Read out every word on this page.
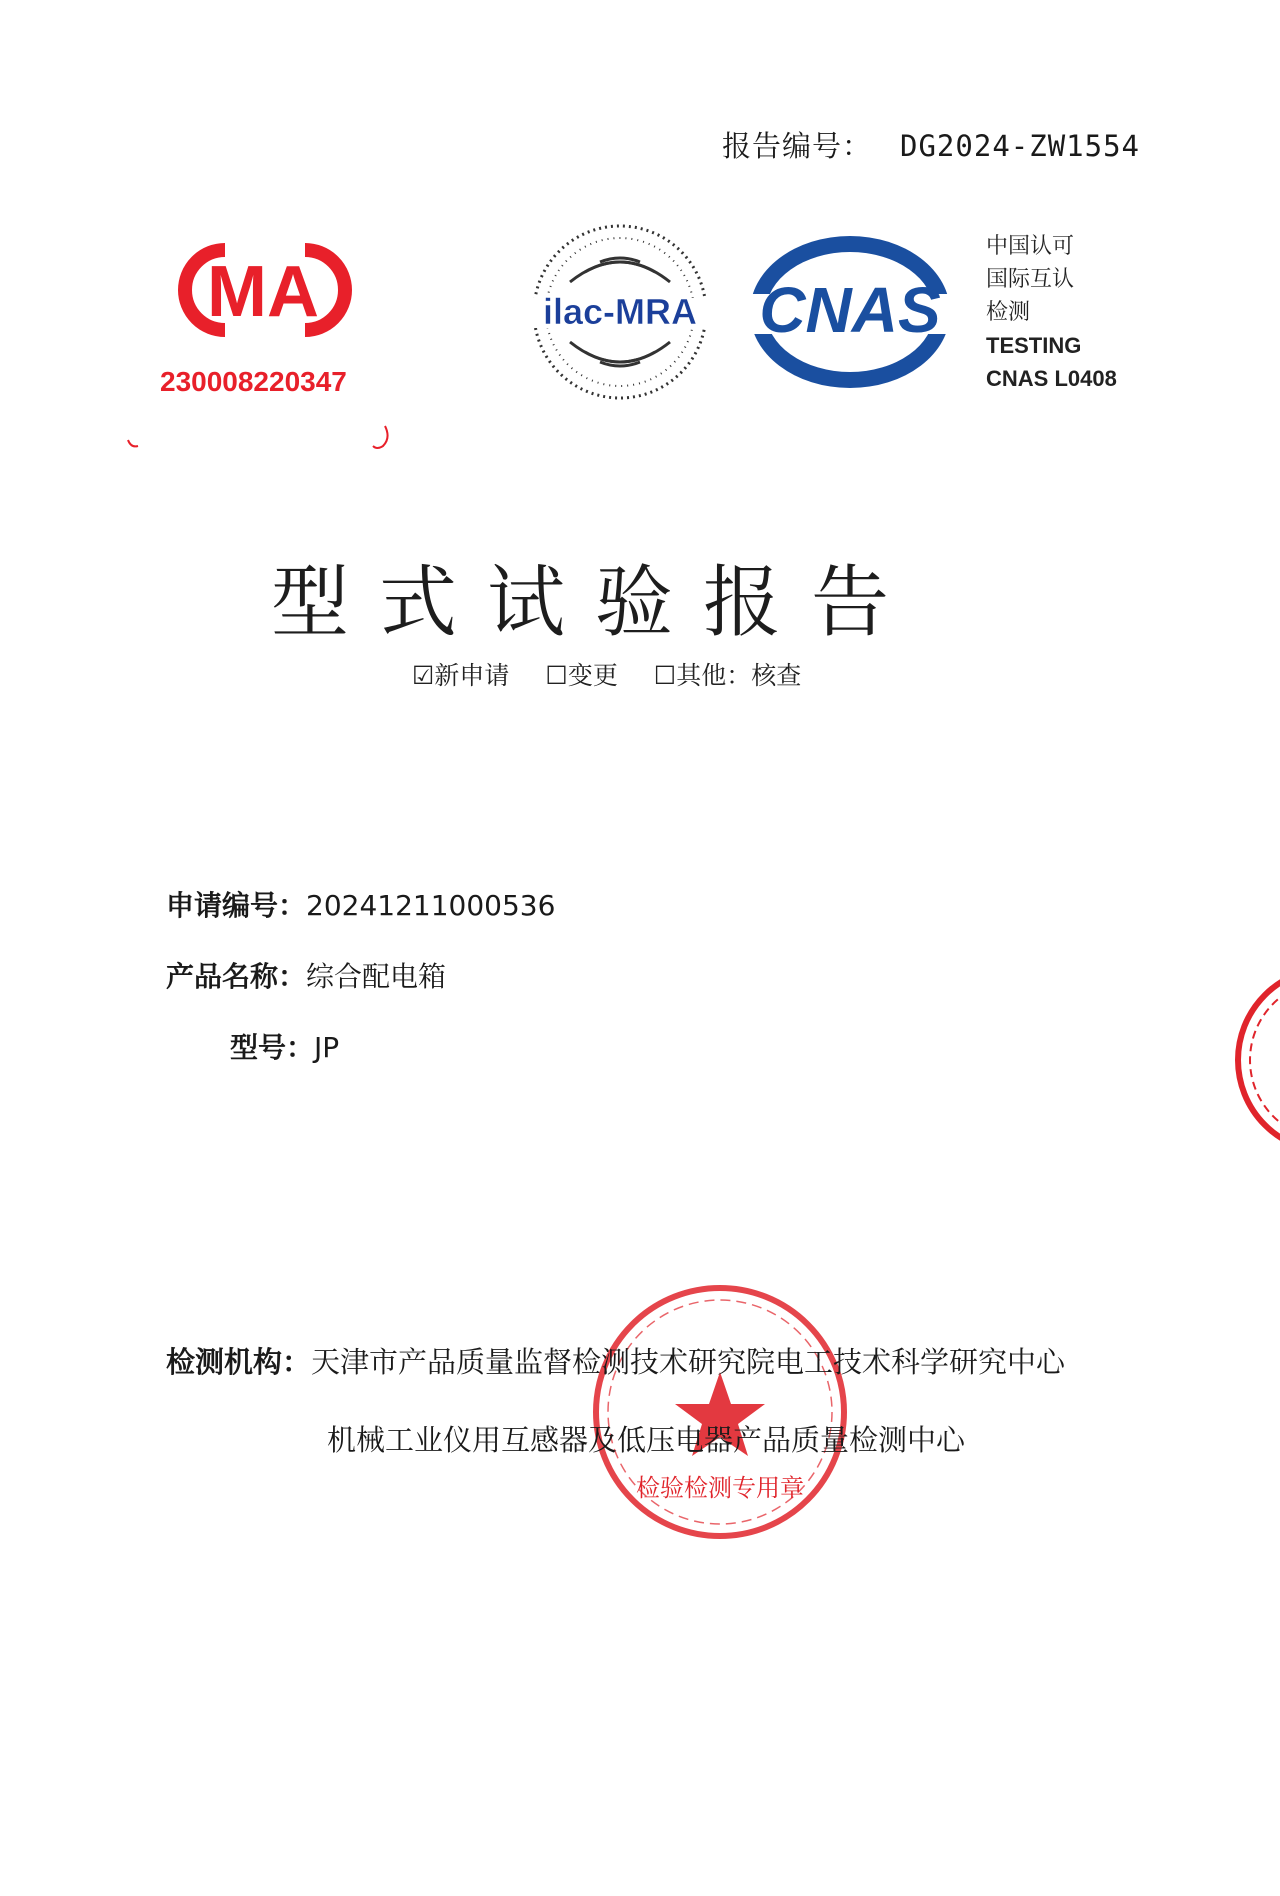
报告编号： DG2024-ZW1554
MA
230008220347
ilac-MRA CNAS
中国认可
国际互认
检测
TESTING
CNAS L0408
型式试验报告
☑新申请 ☐变更 ☐其他：核查
申请编号：20241211000536
产品名称：综合配电箱
型号：JP
检验检测专用章
检测机构：天津市产品质量监督检测技术研究院电工技术科学研究中心
机械工业仪用互感器及低压电器产品质量检测中心
